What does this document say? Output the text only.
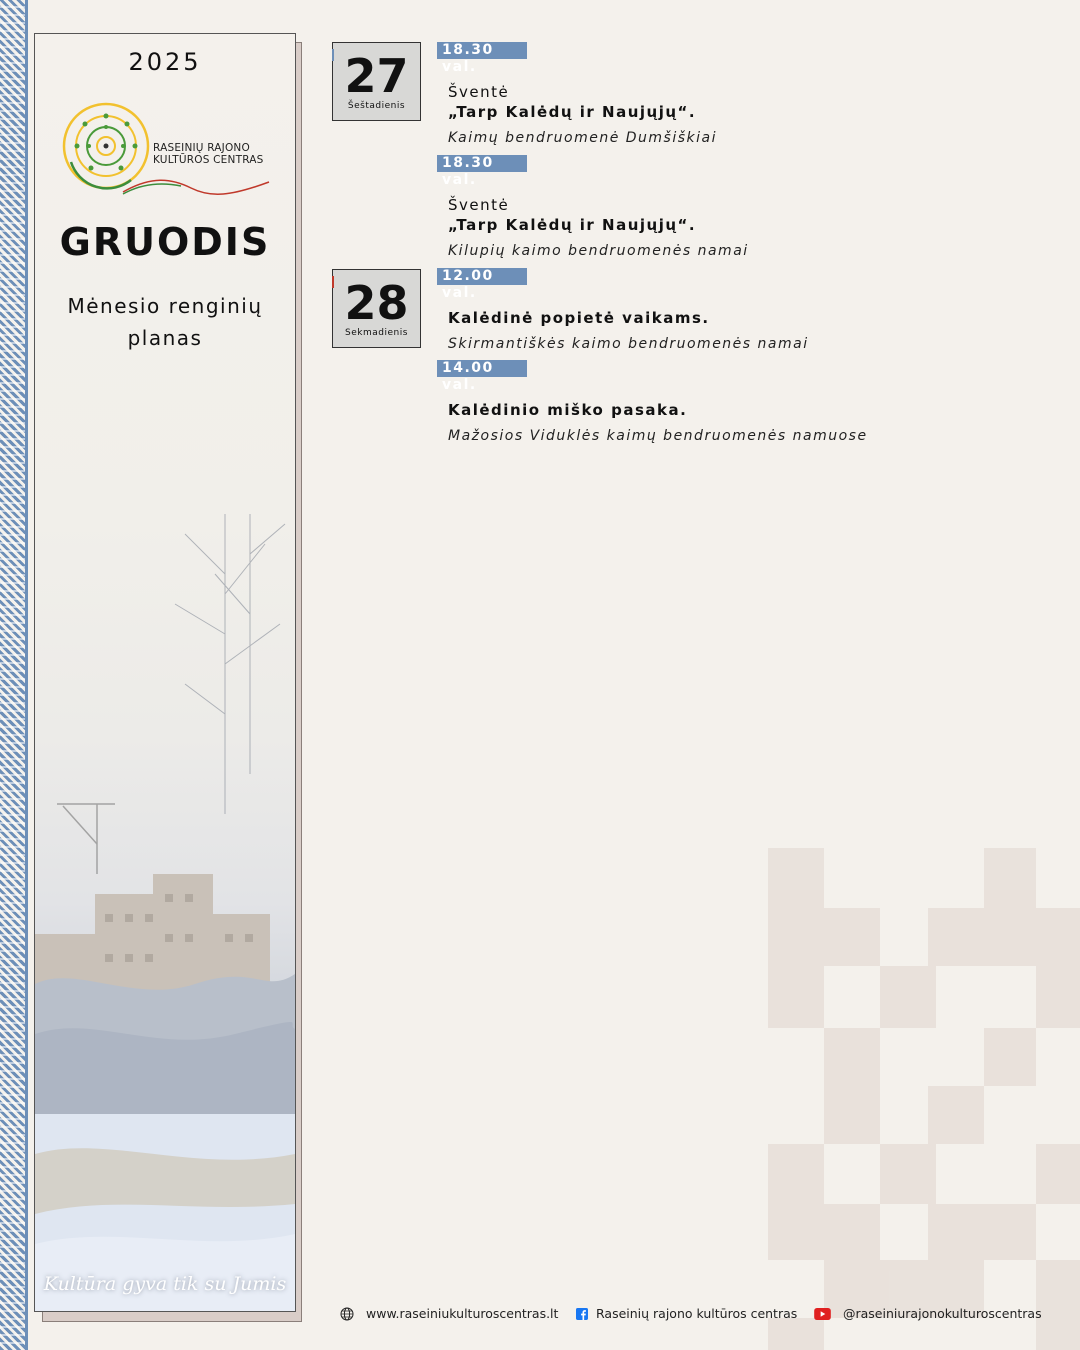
2025
RASEINIŲ RAJONO
KULTŪROS CENTRAS
GRUODIS
Mėnesio renginių
planas
Kultūra gyva tik su Jumis
27
Šeštadienis
28
Sekmadienis
18.30 val.
Šventė
„Tarp Kalėdų ir Naujųjų“.
Kaimų bendruomenė Dumšiškiai
18.30 val.
Šventė
„Tarp Kalėdų ir Naujųjų“.
Kilupių kaimo bendruomenės namai
12.00 val.
Kalėdinė popietė vaikams.
Skirmantiškės kaimo bendruomenės namai
14.00 val.
Kalėdinio miško pasaka.
Mažosios Viduklės kaimų bendruomenės namuose
www.raseiniukulturoscentras.lt	Raseinių rajono kultūros centras	@raseiniurajonokulturoscentras
